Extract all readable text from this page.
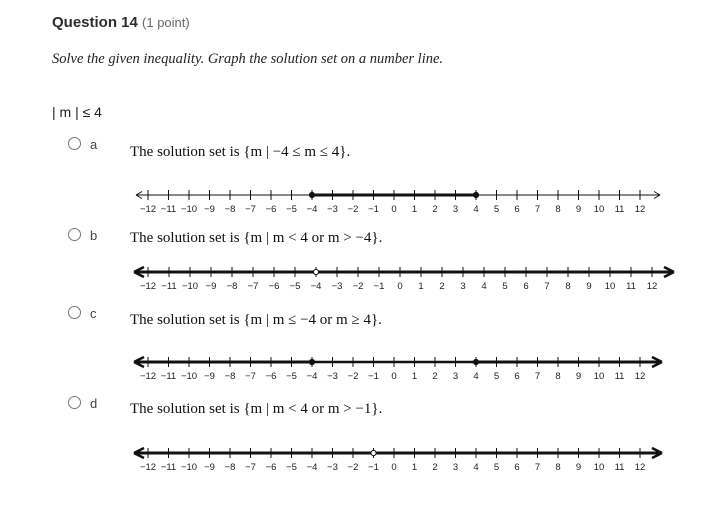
Question 14 (1 point)
Solve the given inequality. Graph the solution set on a number line.
| m | ≤ 4
a The solution set is {m | −4 ≤ m ≤ 4}.
−12 −11 −10 −9 −8 −7 −6 −5 −4 −3 −2 −1 0 1 2 3 4 5 6 7 8 9 10 11 12
b The solution set is {m | m < 4 or m > −4}.
−12 −11 −10 −9 −8 −7 −6 −5 −4 −3 −2 −1 0 1 2 3 4 5 6 7 8 9 10 11 12
c The solution set is {m | m ≤ −4 or m ≥ 4}.
−12 −11 −10 −9 −8 −7 −6 −5 −4 −3 −2 −1 0 1 2 3 4 5 6 7 8 9 10 11 12
d The solution set is {m | m < 4 or m > −1}.
−12 −11 −10 −9 −8 −7 −6 −5 −4 −3 −2 −1 0 1 2 3 4 5 6 7 8 9 10 11 12
